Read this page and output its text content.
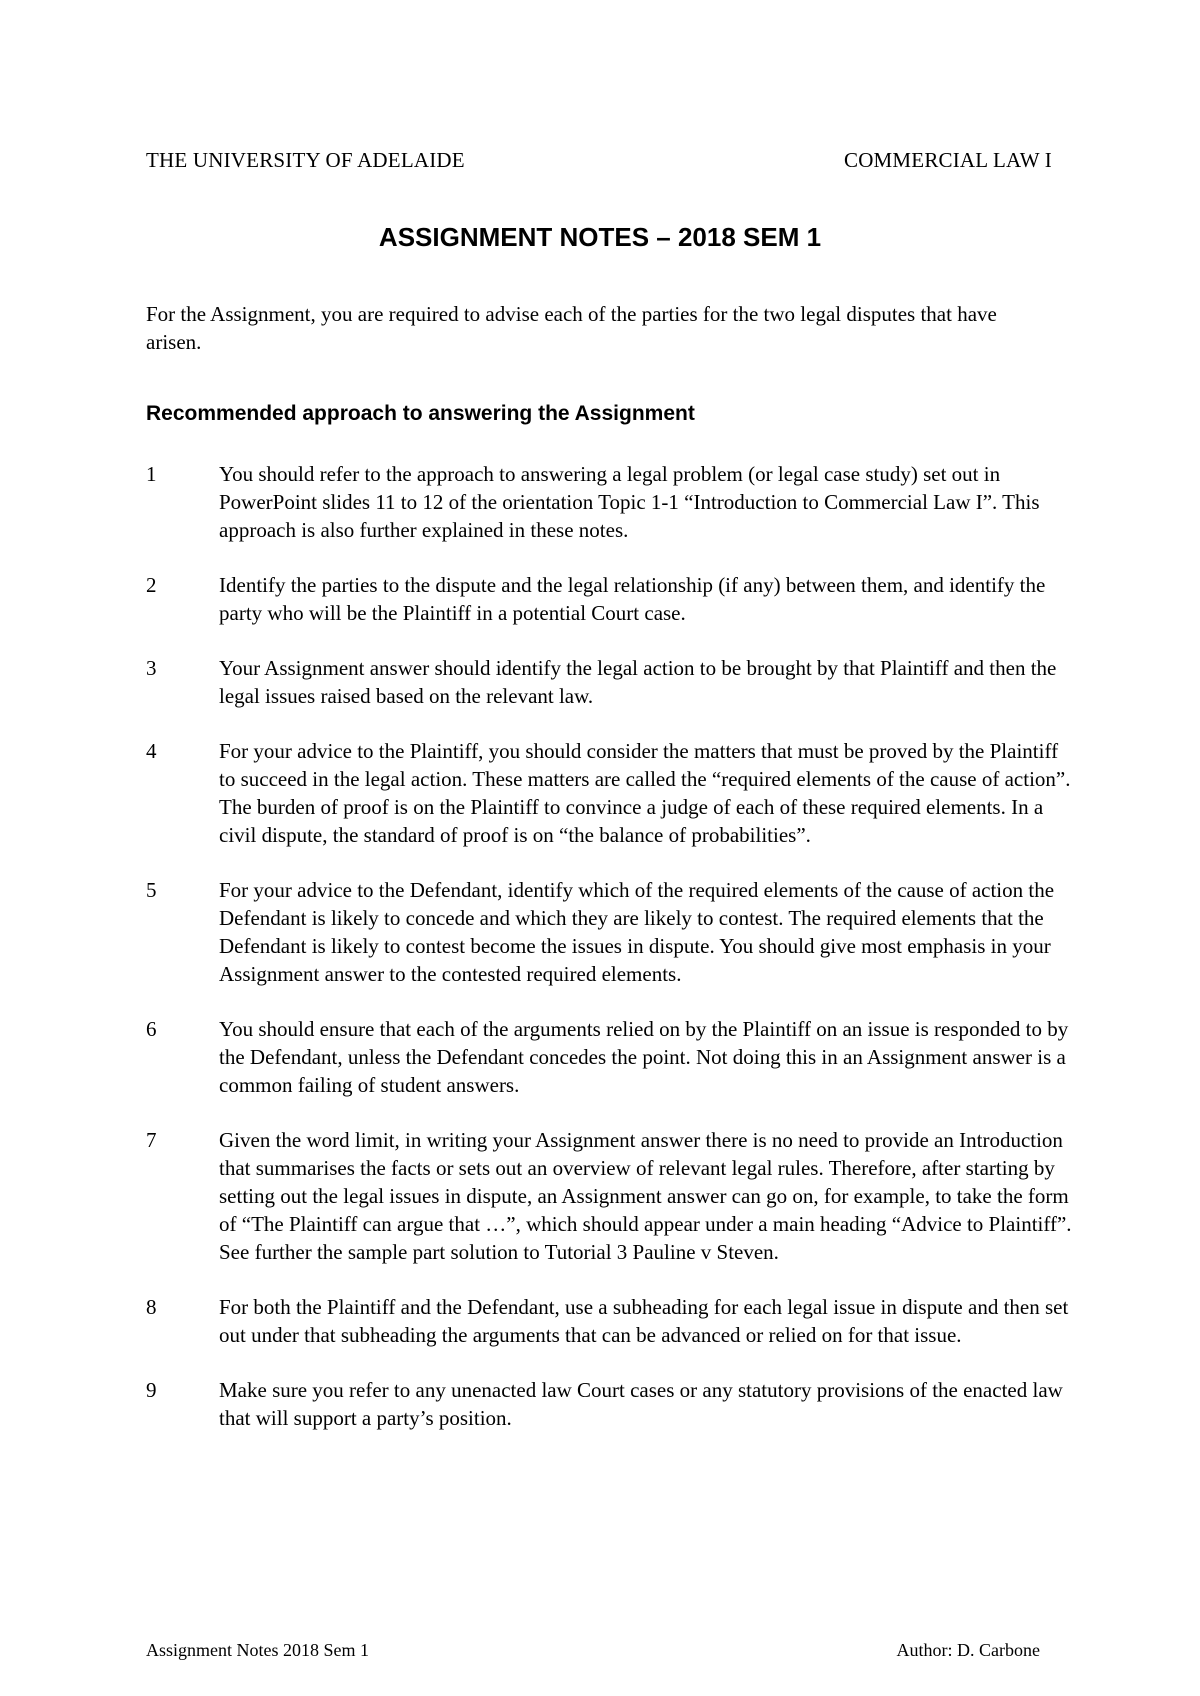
THE UNIVERSITY OF ADELAIDE	COMMERCIAL LAW I
ASSIGNMENT NOTES – 2018 SEM 1
For the Assignment, you are required to advise each of the parties for the two legal disputes that have arisen.
Recommended approach to answering the Assignment
1	You should refer to the approach to answering a legal problem (or legal case study) set out in PowerPoint slides 11 to 12 of the orientation Topic 1-1 “Introduction to Commercial Law I”. This approach is also further explained in these notes.
2	Identify the parties to the dispute and the legal relationship (if any) between them, and identify the party who will be the Plaintiff in a potential Court case.
3	Your Assignment answer should identify the legal action to be brought by that Plaintiff and then the legal issues raised based on the relevant law.
4	For your advice to the Plaintiff, you should consider the matters that must be proved by the Plaintiff to succeed in the legal action. These matters are called the “required elements of the cause of action”. The burden of proof is on the Plaintiff to convince a judge of each of these required elements. In a civil dispute, the standard of proof is on “the balance of probabilities”.
5	For your advice to the Defendant, identify which of the required elements of the cause of action the Defendant is likely to concede and which they are likely to contest. The required elements that the Defendant is likely to contest become the issues in dispute. You should give most emphasis in your Assignment answer to the contested required elements.
6	You should ensure that each of the arguments relied on by the Plaintiff on an issue is responded to by the Defendant, unless the Defendant concedes the point. Not doing this in an Assignment answer is a common failing of student answers.
7	Given the word limit, in writing your Assignment answer there is no need to provide an Introduction that summarises the facts or sets out an overview of relevant legal rules. Therefore, after starting by setting out the legal issues in dispute, an Assignment answer can go on, for example, to take the form of “The Plaintiff can argue that …”, which should appear under a main heading “Advice to Plaintiff”. See further the sample part solution to Tutorial 3 Pauline v Steven.
8	For both the Plaintiff and the Defendant, use a subheading for each legal issue in dispute and then set out under that subheading the arguments that can be advanced or relied on for that issue.
9	Make sure you refer to any unenacted law Court cases or any statutory provisions of the enacted law that will support a party’s position.
Assignment Notes 2018 Sem 1	Author: D. Carbone
